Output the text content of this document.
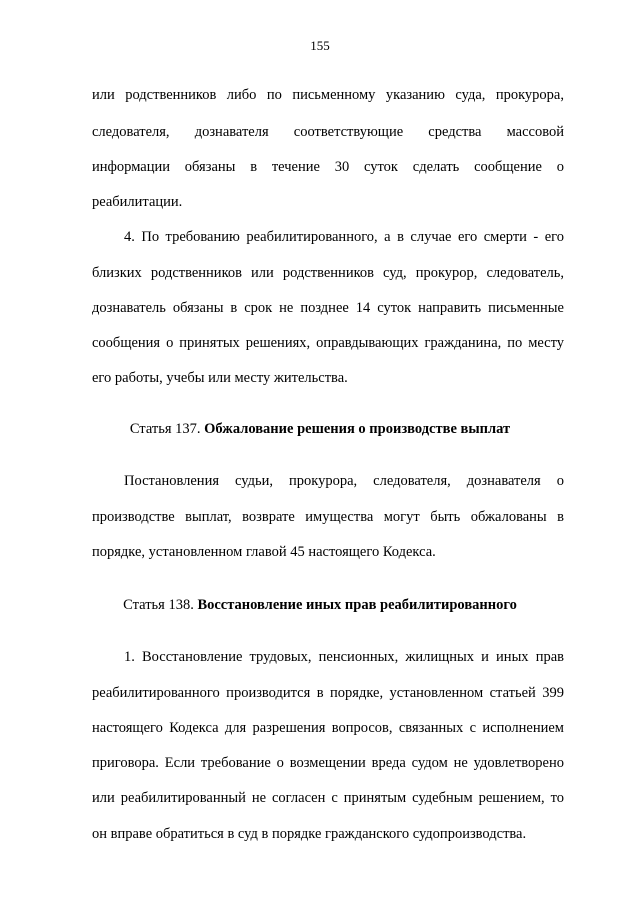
155
или родственников либо по письменному указанию суда, прокурора,
следователя, дознавателя соответствующие средства массовой
информации обязаны в течение 30 суток сделать сообщение о
реабилитации.
4. По требованию реабилитированного, а в случае его смерти - его
близких родственников или родственников суд, прокурор, следователь,
дознаватель обязаны в срок не позднее 14 суток направить письменные
сообщения о принятых решениях, оправдывающих гражданина, по месту
его работы, учебы или месту жительства.
Статья 137. Обжалование решения о производстве выплат
Постановления судьи, прокурора, следователя, дознавателя о
производстве выплат, возврате имущества могут быть обжалованы в
порядке, установленном главой 45 настоящего Кодекса.
Статья 138. Восстановление иных прав реабилитированного
1. Восстановление трудовых, пенсионных, жилищных и иных прав
реабилитированного производится в порядке, установленном статьей 399
настоящего Кодекса для разрешения вопросов, связанных с исполнением
приговора. Если требование о возмещении вреда судом не удовлетворено
или реабилитированный не согласен с принятым судебным решением, то
он вправе обратиться в суд в порядке гражданского судопроизводства.
